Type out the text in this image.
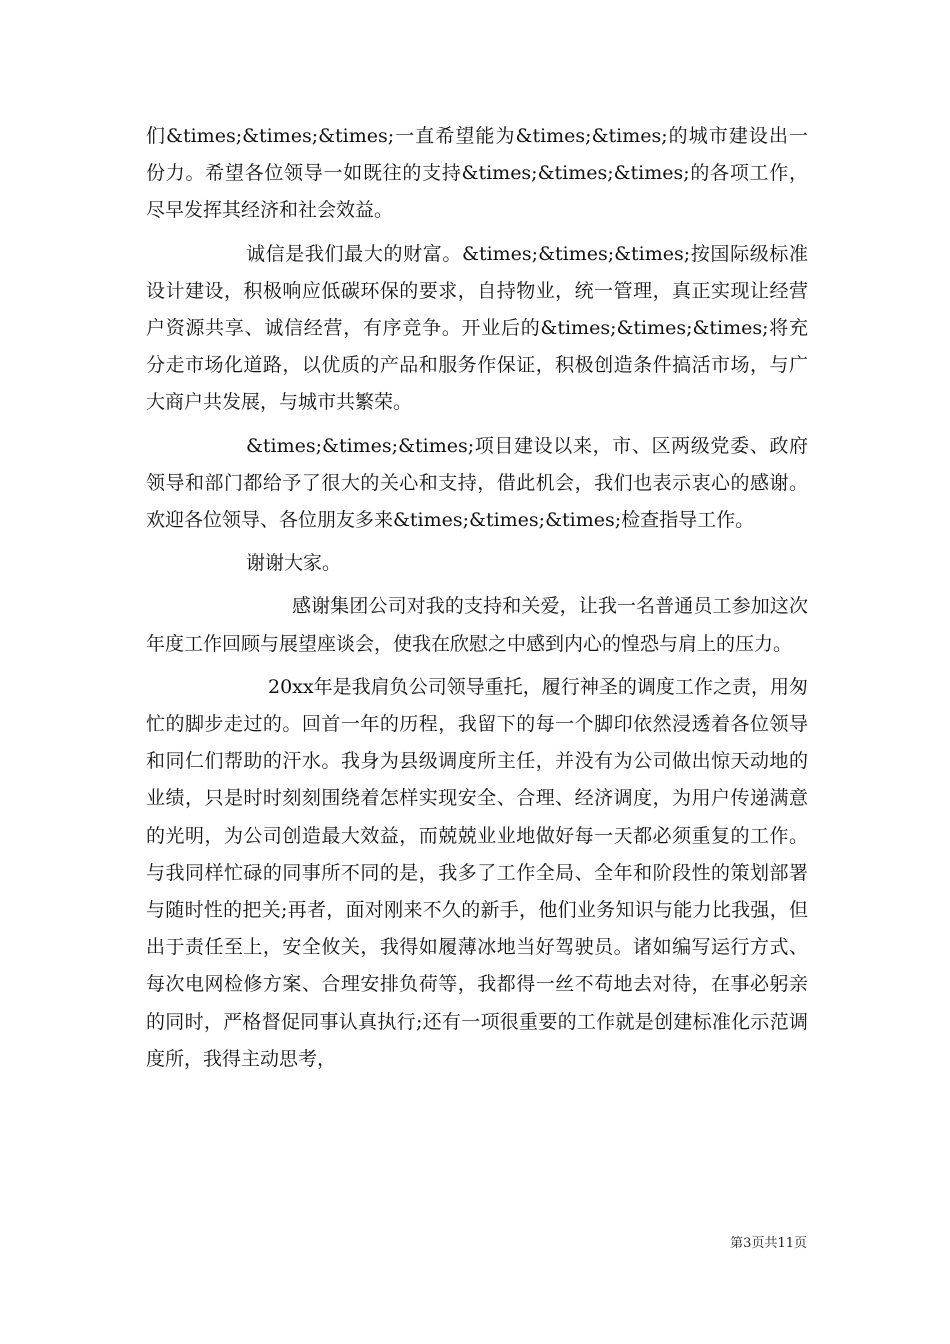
们&times;&times;&times;一直希望能为&times;&times;的城市建设出一份力。希望各位领导一如既往的支持&times;&times;&times;的各项工作，尽早发挥其经济和社会效益。

诚信是我们最大的财富。&times;&times;&times;按国际级标准设计建设，积极响应低碳环保的要求，自持物业，统一管理，真正实现让经营户资源共享、诚信经营，有序竞争。开业后的&times;&times;&times;将充分走市场化道路，以优质的产品和服务作保证，积极创造条件搞活市场，与广大商户共发展，与城市共繁荣。

&times;&times;&times;项目建设以来，市、区两级党委、政府领导和部门都给予了很大的关心和支持，借此机会，我们也表示衷心的感谢。欢迎各位领导、各位朋友多来&times;&times;&times;检查指导工作。

谢谢大家。

感谢集团公司对我的支持和关爱，让我一名普通员工参加这次年度工作回顾与展望座谈会，使我在欣慰之中感到内心的惶恐与肩上的压力。

20xx年是我肩负公司领导重托，履行神圣的调度工作之责，用匆忙的脚步走过的。回首一年的历程，我留下的每一个脚印依然浸透着各位领导和同仁们帮助的汗水。我身为县级调度所主任，并没有为公司做出惊天动地的业绩，只是时时刻刻围绕着怎样实现安全、合理、经济调度，为用户传递满意的光明，为公司创造最大效益，而兢兢业业地做好每一天都必须重复的工作。与我同样忙碌的同事所不同的是，我多了工作全局、全年和阶段性的策划部署与随时性的把关;再者，面对刚来不久的新手，他们业务知识与能力比我强，但出于责任至上，安全攸关，我得如履薄冰地当好驾驶员。诸如编写运行方式、每次电网检修方案、合理安排负荷等，我都得一丝不苟地去对待，在事必躬亲的同时，严格督促同事认真执行;还有一项很重要的工作就是创建标准化示范调度所，我得主动思考，

第3页共11页
